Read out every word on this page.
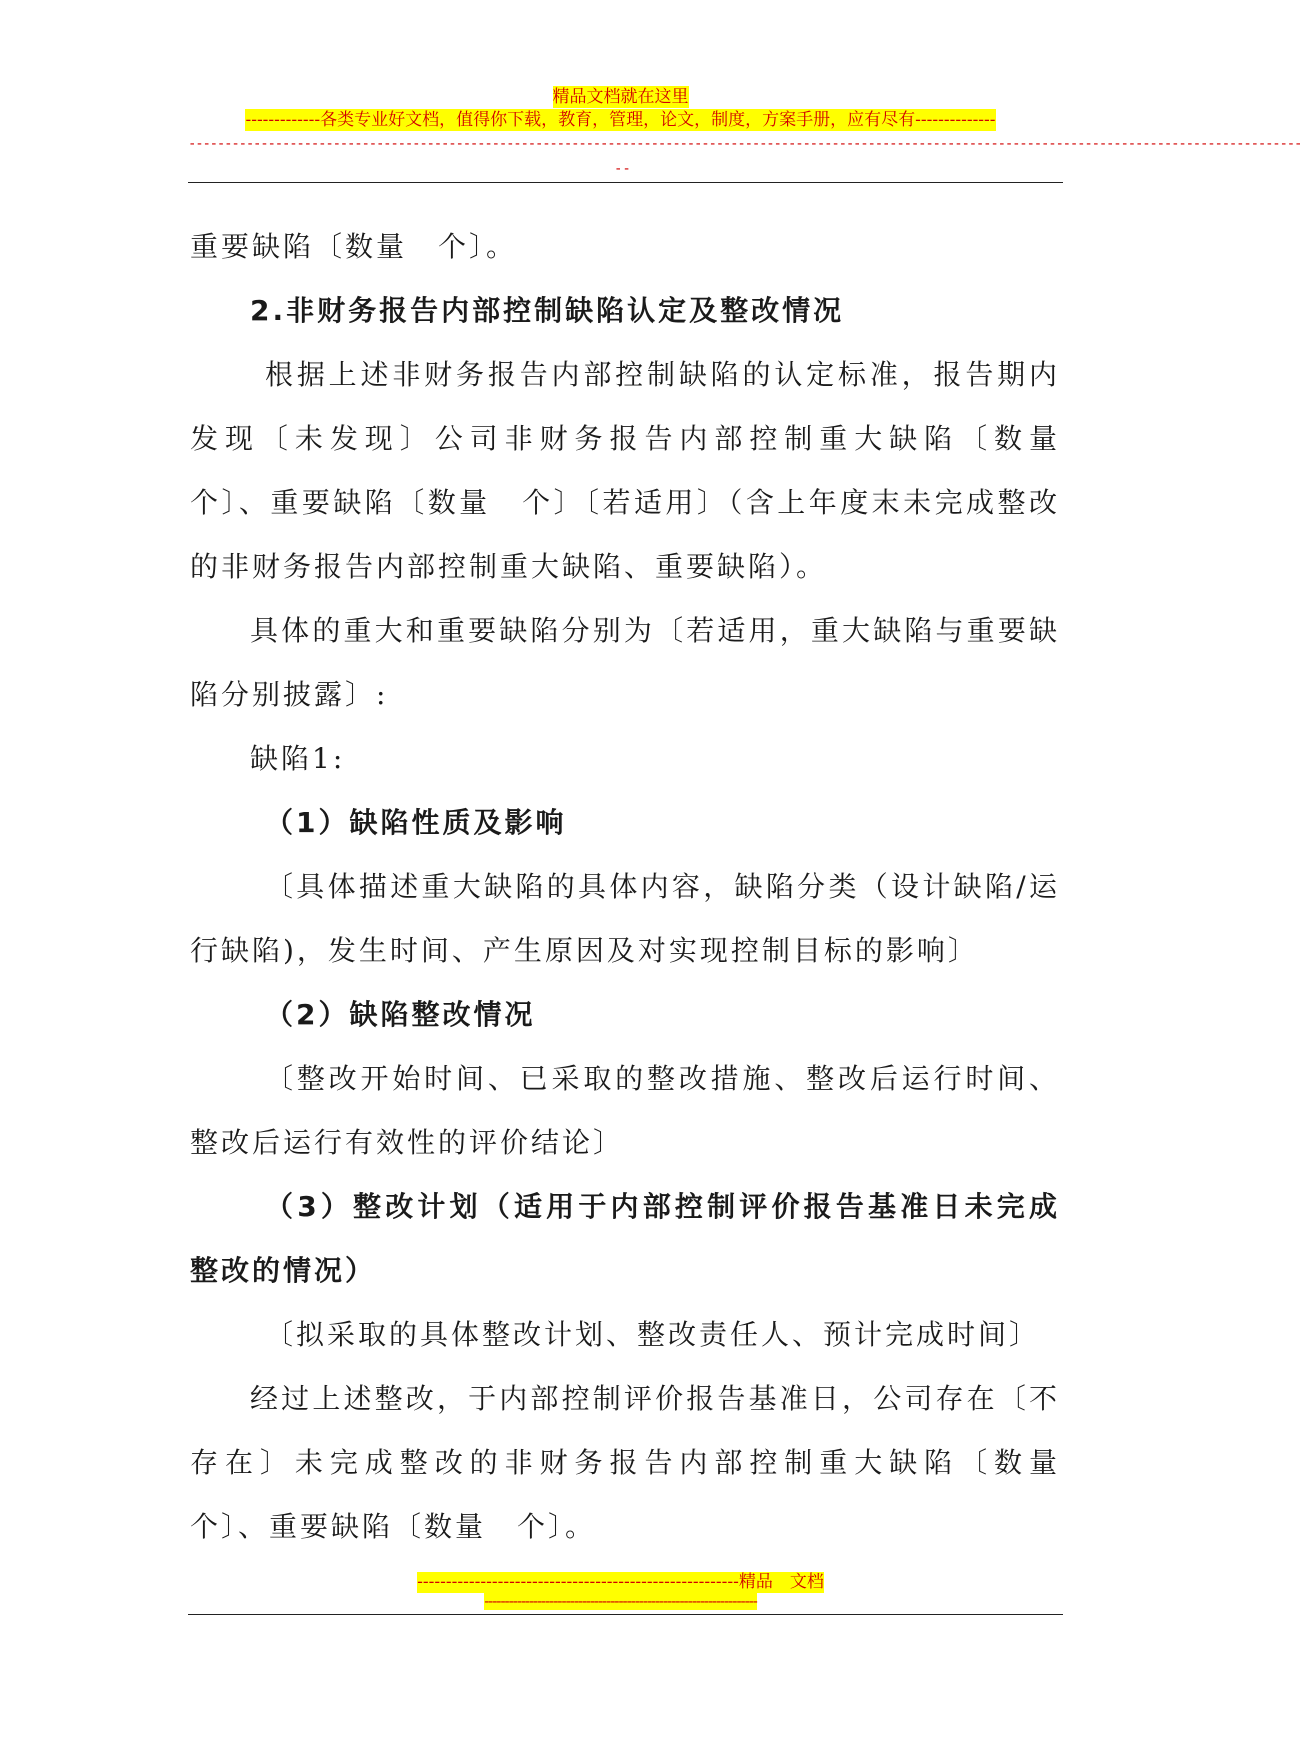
精品文档就在这里
-------------各类专业好文档，值得你下载，教育，管理，论文，制度，方案手册，应有尽有--------------
----------------------------------------------------------------------------------------------------------------------------------------------------------
--

重要缺陷〔数量　个〕。

2.非财务报告内部控制缺陷认定及整改情况

根据上述非财务报告内部控制缺陷的认定标准，报告期内发现〔未发现〕公司非财务报告内部控制重大缺陷〔数量　个〕、重要缺陷〔数量　个〕〔若适用〕（含上年度末未完成整改的非财务报告内部控制重大缺陷、重要缺陷）。

具体的重大和重要缺陷分别为〔若适用，重大缺陷与重要缺陷分别披露〕:

缺陷1:

（1）缺陷性质及影响

〔具体描述重大缺陷的具体内容，缺陷分类（设计缺陷/运行缺陷)，发生时间、产生原因及对实现控制目标的影响〕

（2）缺陷整改情况

〔整改开始时间、已采取的整改措施、整改后运行时间、整改后运行有效性的评价结论〕

（3）整改计划（适用于内部控制评价报告基准日未完成整改的情况）

〔拟采取的具体整改计划、整改责任人、预计完成时间〕

经过上述整改，于内部控制评价报告基准日，公司存在〔不存在〕未完成整改的非财务报告内部控制重大缺陷〔数量　个〕、重要缺陷〔数量　个〕。

--------------------------------------------------------精品　文档
-------------------------------------------------------------------
